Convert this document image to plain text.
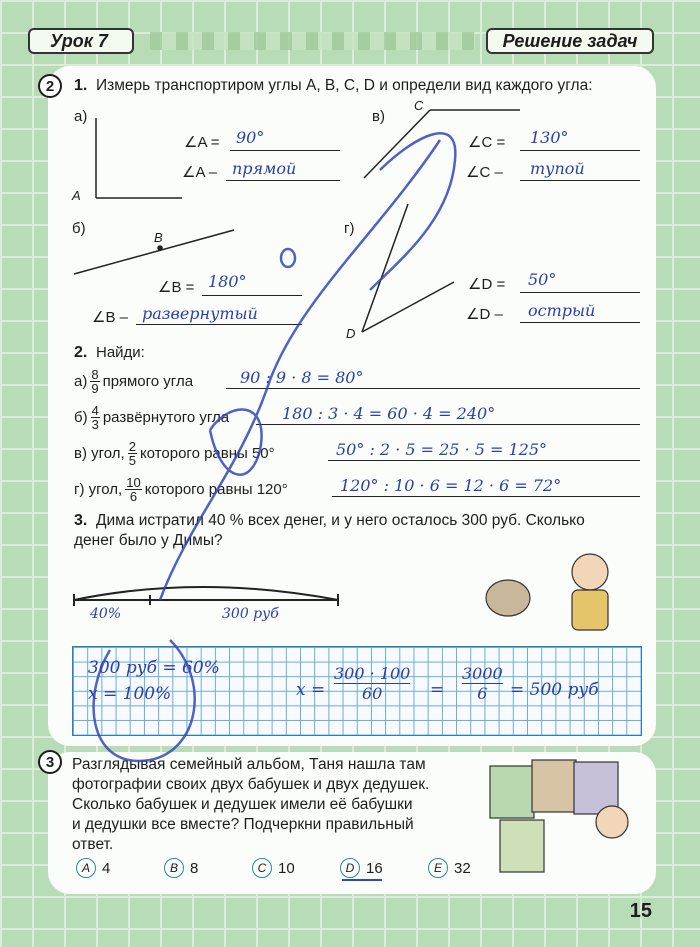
Урок 7	Решение задач
2	1. Измерь транспортиром углы A, B, C, D и определи вид каждого угла:
а)
A
∠A = 90°
∠A – прямой
б)
B
∠B = 180°
∠B – развернутый
в)
C
∠C = 130°
∠C – тупой
г)
D
∠D = 50°
∠D – острый
2. Найди:
$а) \frac{8}{9}$ прямого угла	90 : 9 · 8 = 80°
$б) \frac{4}{3}$ развёрнутого угла	180 : 3 · 4 = 60 · 4 = 240°
в) угол, $\frac{2}{5}$ которого равны 50°	50° : 2 · 5 = 25 · 5 = 125°
г) угол, $\frac{10}{6}$ которого равны 120°	120° : 10 · 6 = 12 · 6 = 72°
3. Дима истратил 40 % всех денег, и у него осталось 300 руб. Сколько
денег было у Димы?
40%	300 руб
300 руб = 60%
x = 100%	$x = \frac{300 \cdot 100}{60} = \frac{3000}{6} = 500$ руб
3	Разглядывая семейный альбом, Таня нашла там
фотографии своих двух бабушек и двух дедушек.
Сколько бабушек и дедушек имели её бабушки
и дедушки все вместе? Подчеркни правильный
ответ.
A 4	B 8	C 10	D 16	E 32
15
